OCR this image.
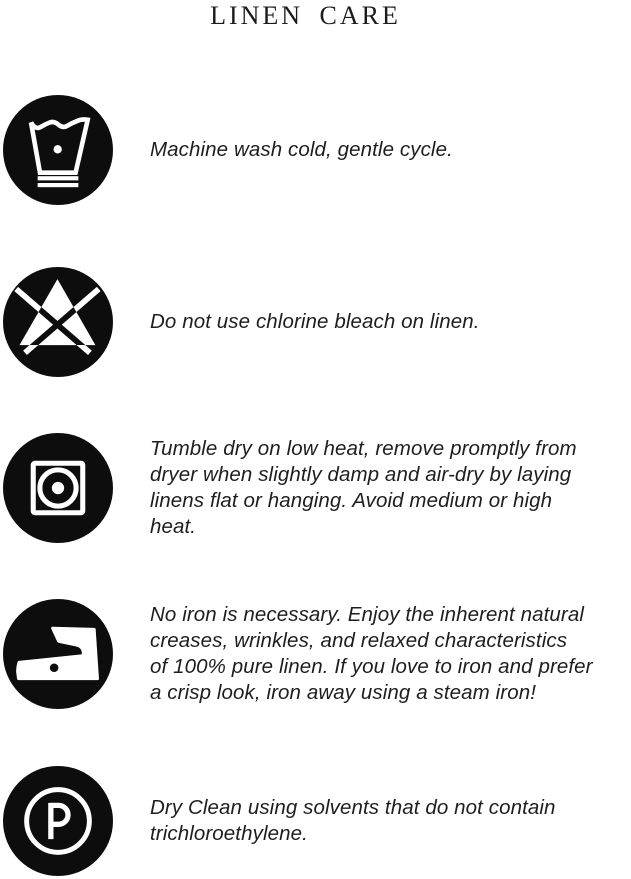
LINEN CARE
Machine wash cold, gentle cycle.
Do not use chlorine bleach on linen.
Tumble dry on low heat, remove promptly from
dryer when slightly damp and air-dry by laying
linens flat or hanging. Avoid medium or high
heat.
No iron is necessary. Enjoy the inherent natural
creases, wrinkles, and relaxed characteristics
of 100% pure linen. If you love to iron and prefer
a crisp look, iron away using a steam iron!
Dry Clean using solvents that do not contain
trichloroethylene.
